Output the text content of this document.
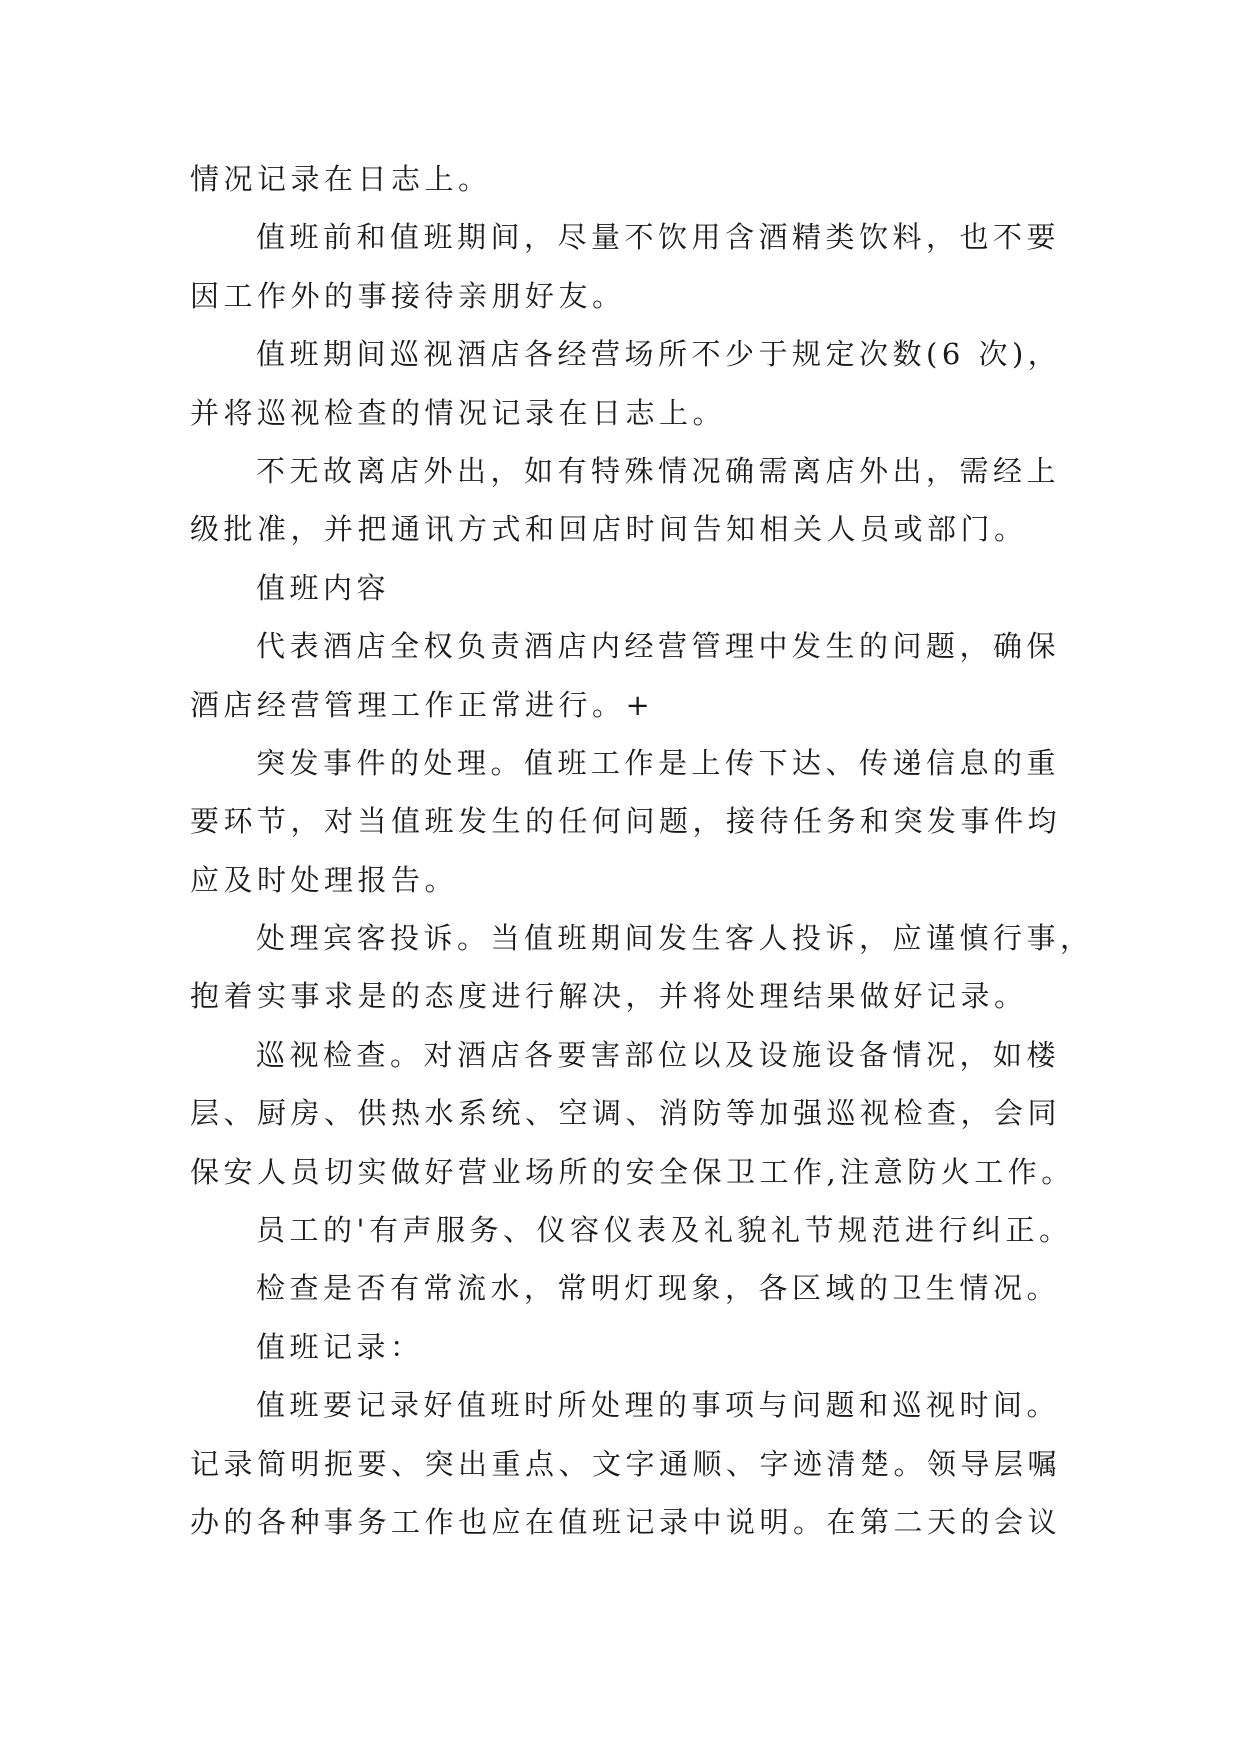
情况记录在日志上。
值班前和值班期间，尽量不饮用含酒精类饮料，也不要
因工作外的事接待亲朋好友。
值班期间巡视酒店各经营场所不少于规定次数(6 次)，
并将巡视检查的情况记录在日志上。
不无故离店外出，如有特殊情况确需离店外出，需经上
级批准，并把通讯方式和回店时间告知相关人员或部门。
值班内容
代表酒店全权负责酒店内经营管理中发生的问题，确保
酒店经营管理工作正常进行。+
突发事件的处理。值班工作是上传下达、传递信息的重
要环节，对当值班发生的任何问题，接待任务和突发事件均
应及时处理报告。
处理宾客投诉。当值班期间发生客人投诉，应谨慎行事，
抱着实事求是的态度进行解决，并将处理结果做好记录。
巡视检查。对酒店各要害部位以及设施设备情况，如楼
层、厨房、供热水系统、空调、消防等加强巡视检查，会同
保安人员切实做好营业场所的安全保卫工作,注意防火工作。
员工的'有声服务、仪容仪表及礼貌礼节规范进行纠正。
检查是否有常流水，常明灯现象，各区域的卫生情况。
值班记录：
值班要记录好值班时所处理的事项与问题和巡视时间。
记录简明扼要、突出重点、文字通顺、字迹清楚。领导层嘱
办的各种事务工作也应在值班记录中说明。在第二天的会议
